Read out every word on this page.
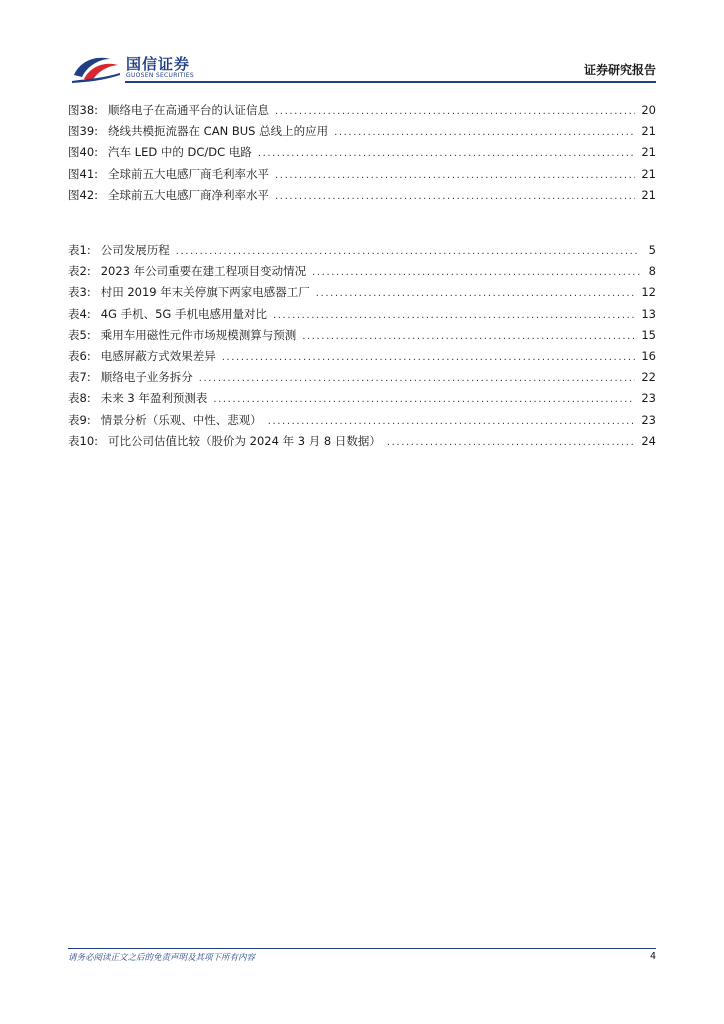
国信证券
GUOSEN SECURITIES	证券研究报告
图38: 顺络电子在高通平台的认证信息 .....	20
图39: 绕线共模扼流器在 CAN BUS 总线上的应用 .....	21
图40: 汽车 LED 中的 DC/DC 电路 .....	21
图41: 全球前五大电感厂商毛利率水平 .....	21
图42: 全球前五大电感厂商净利率水平 .....	21
表1: 公司发展历程 .....	5
表2: 2023 年公司重要在建工程项目变动情况 .....	8
表3: 村田 2019 年末关停旗下两家电感器工厂 .....	12
表4: 4G 手机、5G 手机电感用量对比 .....	13
表5: 乘用车用磁性元件市场规模测算与预测 .....	15
表6: 电感屏蔽方式效果差异 .....	16
表7: 顺络电子业务拆分 .....	22
表8: 未来 3 年盈利预测表 .....	23
表9: 情景分析（乐观、中性、悲观） .....	23
表10: 可比公司估值比较（股价为 2024 年 3 月 8 日数据） .....	24
请务必阅读正文之后的免责声明及其项下所有内容	4
